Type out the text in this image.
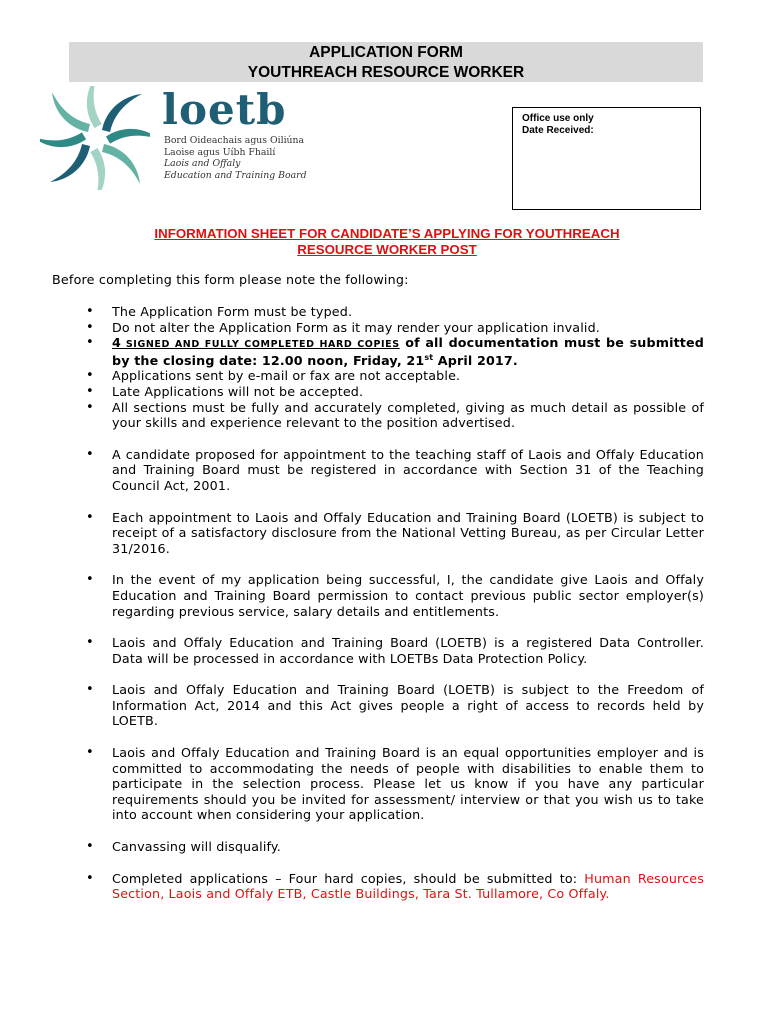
APPLICATION FORM
YOUTHREACH RESOURCE WORKER
loetb
Bord Oideachais agus Oiliúna
Laoise agus Uíbh Fhailí
Laois and Offaly
Education and Training Board
Office use only
Date Received:
INFORMATION SHEET FOR CANDIDATE’S APPLYING FOR YOUTHREACH
RESOURCE WORKER POST
Before completing this form please note the following:
• The Application Form must be typed.
• Do not alter the Application Form as it may render your application invalid.
• 4 SIGNED AND FULLY COMPLETED HARD COPIES of all documentation must be submitted by the closing date: 12.00 noon, Friday, 21st April 2017.
• Applications sent by e-mail or fax are not acceptable.
• Late Applications will not be accepted.
• All sections must be fully and accurately completed, giving as much detail as possible of your skills and experience relevant to the position advertised.
• A candidate proposed for appointment to the teaching staff of Laois and Offaly Education and Training Board must be registered in accordance with Section 31 of the Teaching Council Act, 2001.
• Each appointment to Laois and Offaly Education and Training Board (LOETB) is subject to receipt of a satisfactory disclosure from the National Vetting Bureau, as per Circular Letter 31/2016.
• In the event of my application being successful, I, the candidate give Laois and Offaly Education and Training Board permission to contact previous public sector employer(s) regarding previous service, salary details and entitlements.
• Laois and Offaly Education and Training Board (LOETB) is a registered Data Controller. Data will be processed in accordance with LOETBs Data Protection Policy.
• Laois and Offaly Education and Training Board (LOETB) is subject to the Freedom of Information Act, 2014 and this Act gives people a right of access to records held by LOETB.
• Laois and Offaly Education and Training Board is an equal opportunities employer and is committed to accommodating the needs of people with disabilities to enable them to participate in the selection process. Please let us know if you have any particular requirements should you be invited for assessment/ interview or that you wish us to take into account when considering your application.
• Canvassing will disqualify.
• Completed applications – Four hard copies, should be submitted to: Human Resources Section, Laois and Offaly ETB, Castle Buildings, Tara St. Tullamore, Co Offaly.
